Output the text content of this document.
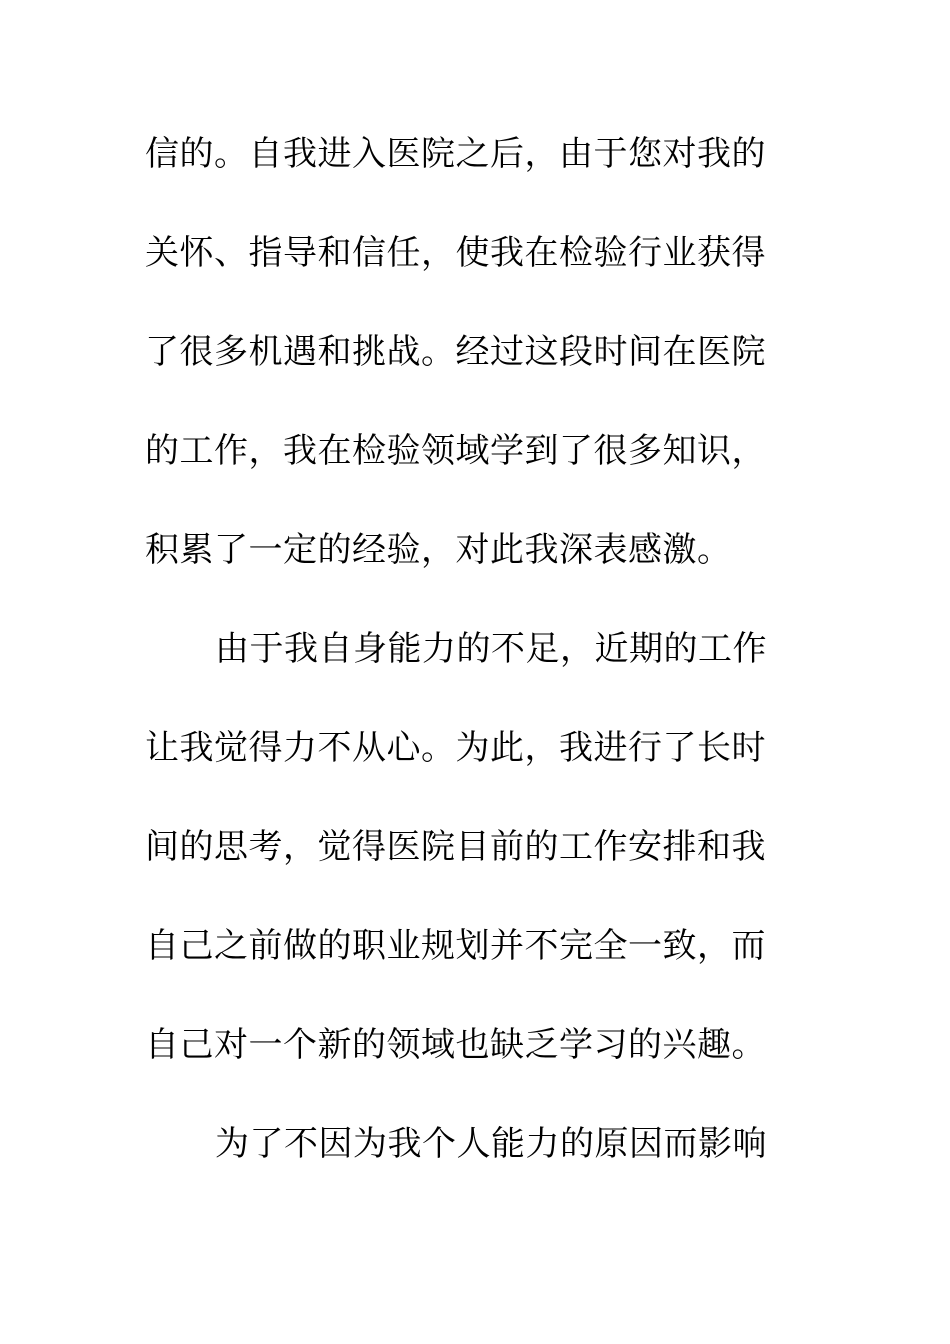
信的。自我进入医院之后，由于您对我的
关怀、指导和信任，使我在检验行业获得
了很多机遇和挑战。经过这段时间在医院
的工作，我在检验领域学到了很多知识，
积累了一定的经验，对此我深表感激。
由于我自身能力的不足，近期的工作
让我觉得力不从心。为此，我进行了长时
间的思考，觉得医院目前的工作安排和我
自己之前做的职业规划并不完全一致，而
自己对一个新的领域也缺乏学习的兴趣。
为了不因为我个人能力的原因而影响
